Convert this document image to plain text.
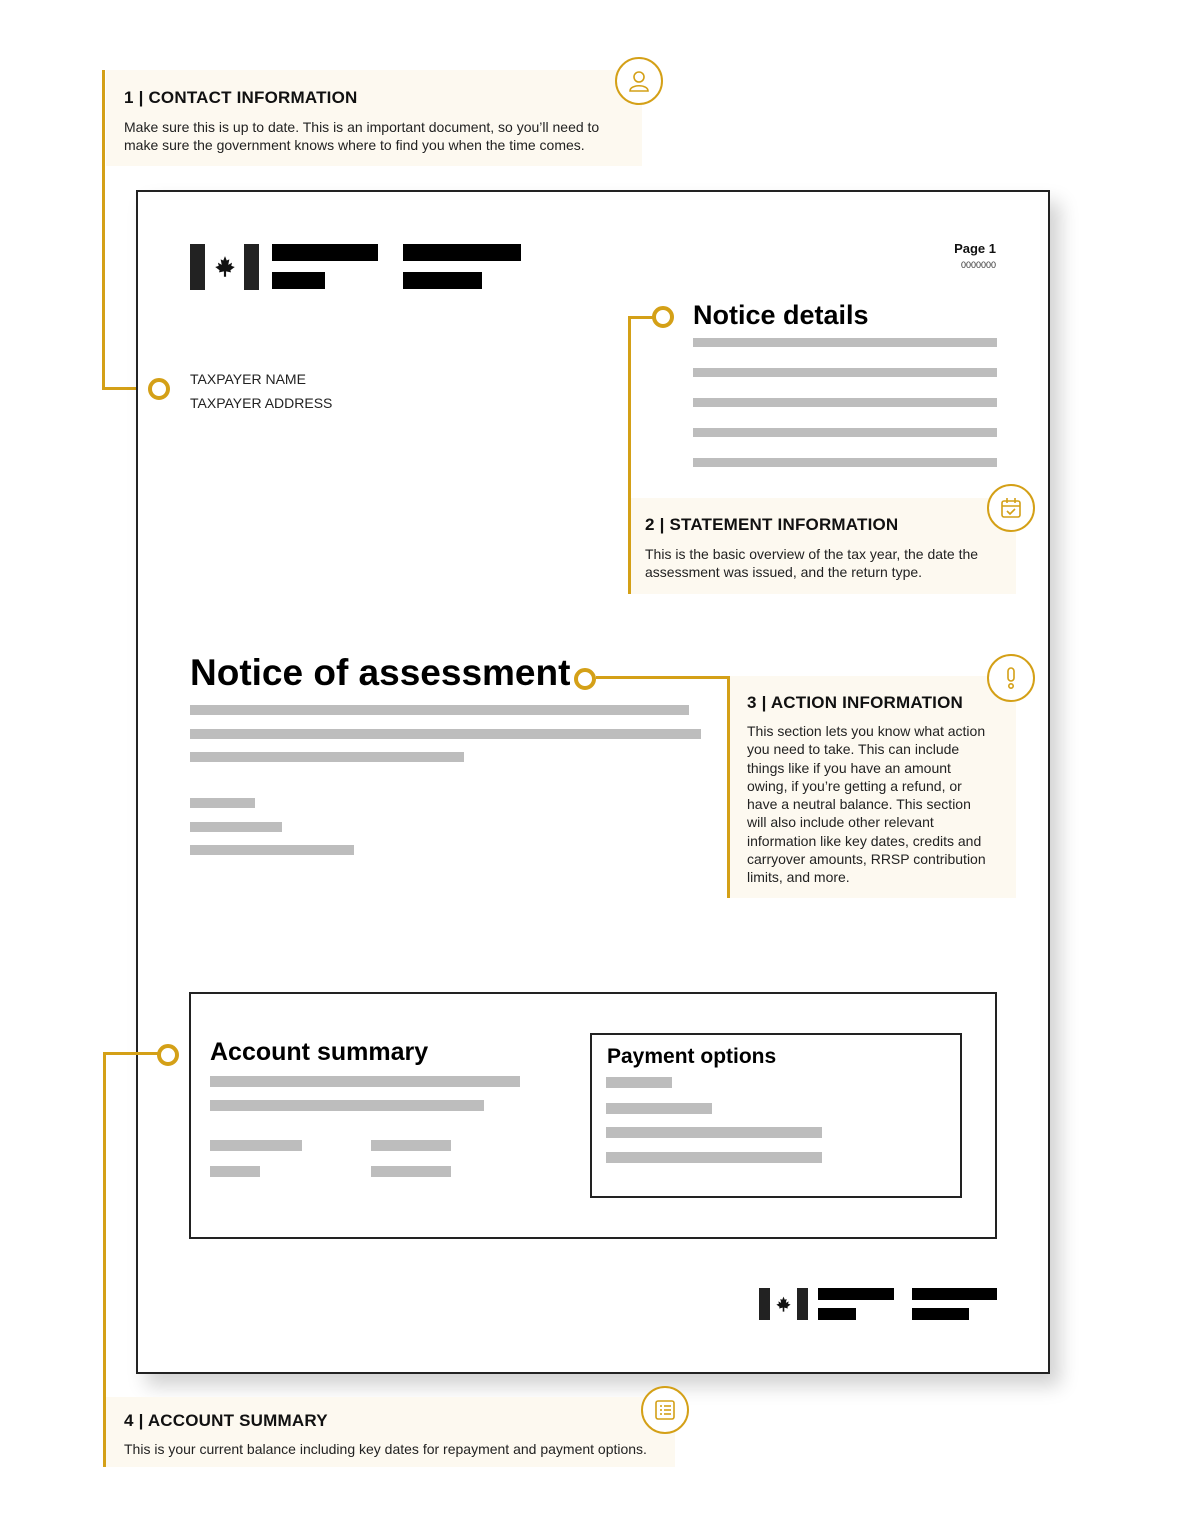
1 | CONTACT INFORMATION

Make sure this is up to date. This is an important document, so you’ll need to make sure the government knows where to find you when the time comes.

Page 1
0000000
Notice details
2 | STATEMENT INFORMATION

This is the basic overview of the tax year, the date the assessment was issued, and the return type.

TAXPAYER NAME
TAXPAYER ADDRESS
Notice of assessment
3 | ACTION INFORMATION

This section lets you know what action you need to take. This can include things like if you have an amount owing, if you’re getting a refund, or have a neutral balance. This section will also include other relevant information like key dates, credits and carryover amounts, RRSP contribution limits, and more.

Account summary	Payment options
4 | ACCOUNT SUMMARY

This is your current balance including key dates for repayment and payment options.
